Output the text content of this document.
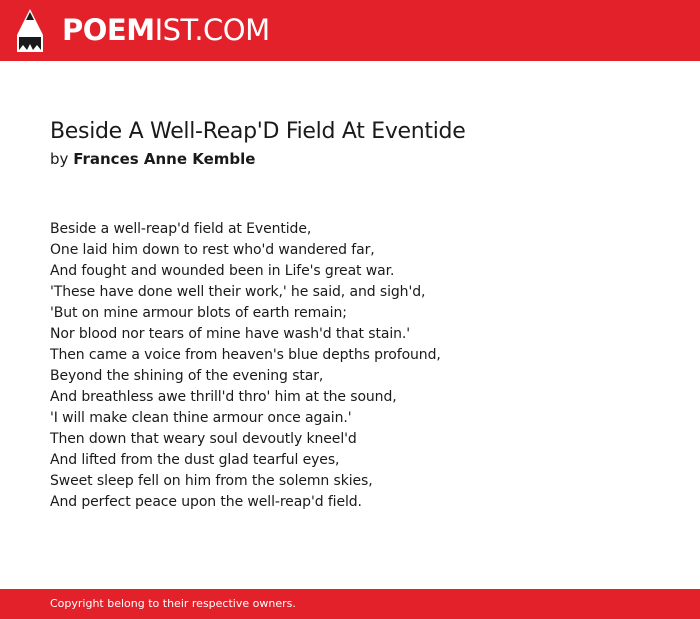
POEMIST.COM
Beside A Well-Reap'D Field At Eventide
by Frances Anne Kemble
Beside a well-reap'd field at Eventide,
One laid him down to rest who'd wandered far,
And fought and wounded been in Life's great war.
'These have done well their work,' he said, and sigh'd,
'But on mine armour blots of earth remain;
Nor blood nor tears of mine have wash'd that stain.'
Then came a voice from heaven's blue depths profound,
Beyond the shining of the evening star,
And breathless awe thrill'd thro' him at the sound,
'I will make clean thine armour once again.'
Then down that weary soul devoutly kneel'd
And lifted from the dust glad tearful eyes,
Sweet sleep fell on him from the solemn skies,
And perfect peace upon the well-reap'd field.
Copyright belong to their respective owners.
